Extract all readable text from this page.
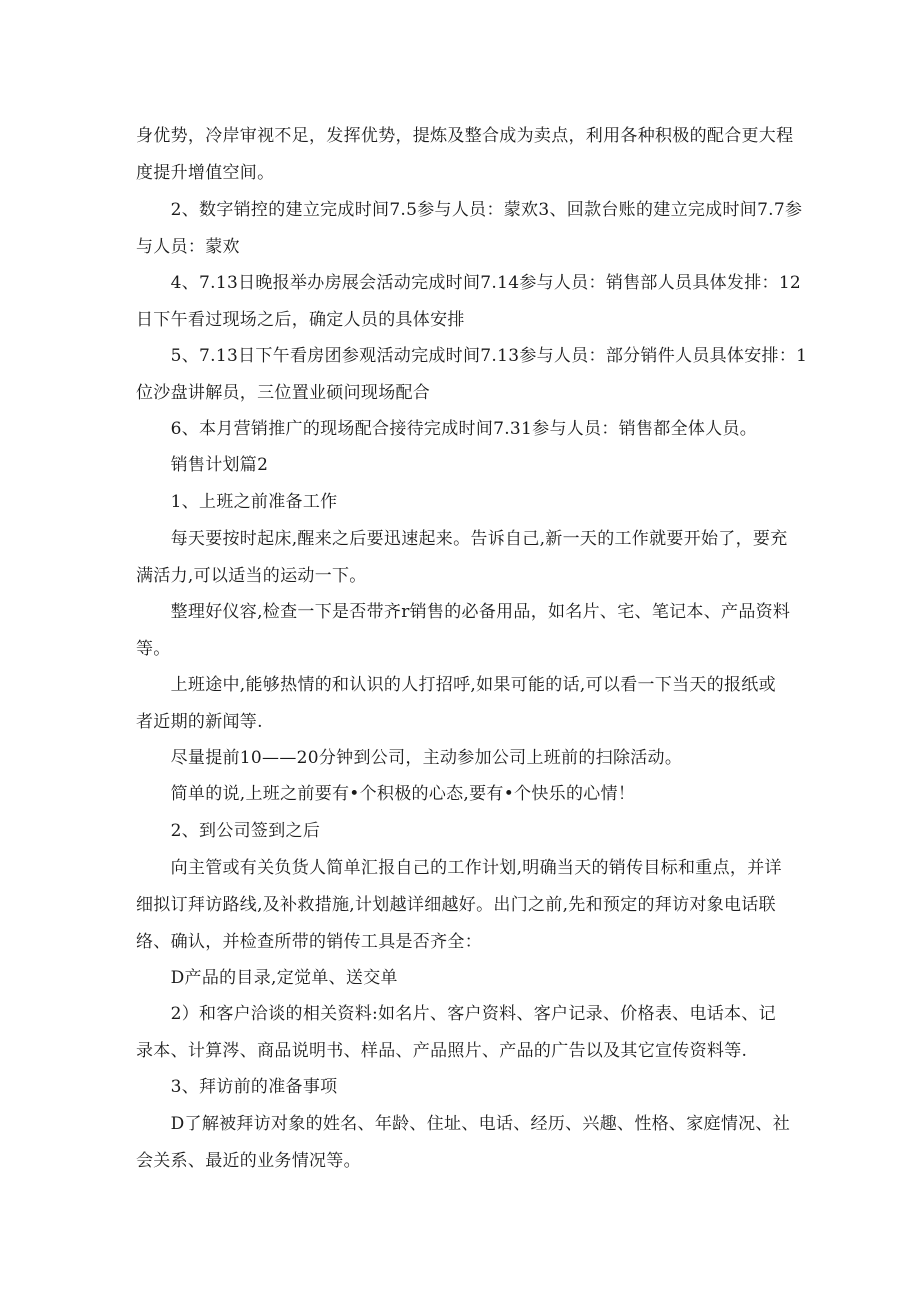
身优势，冷岸审视不足，发挥优势，提炼及整合成为卖点，利用各种积极的配合更大程
度提升增值空间。

　　2、数字销控的建立完成时间7.5参与人员：蒙欢3、回款台账的建立完成时间7.7参
与人员：蒙欢

　　4、7.13日晚报举办房展会活动完成时间7.14参与人员：销售部人员具体发排：12
日下午看过现场之后，确定人员的具体安排

　　5、7.13日下午看房团参观活动完成时间7.13参与人员：部分销件人员具体安排：1
位沙盘讲解员，三位置业硕问现场配合

　　6、本月营销推广的现场配合接待完成时间7.31参与人员：销售都全体人员。

　　销售计划篇2

　　1、上班之前准备工作

　　每天要按时起床,醒来之后要迅速起来。告诉自己,新一天的工作就要开始了，要充
满活力,可以适当的运动一下。

　　整理好仪容,检查一下是否带齐r销售的必备用品，如名片、宅、笔记本、产品资料
等。

　　上班途中,能够热情的和认识的人打招呼,如果可能的话,可以看一下当天的报纸或
者近期的新闻等.

　　尽量提前10——20分钟到公司，主动参加公司上班前的扫除活动。

　　简单的说,上班之前要有•个积极的心态,要有•个快乐的心情！

　　2、到公司签到之后

　　向主管或有关负货人简单汇报自己的工作计划,明确当天的销传目标和重点，并详
细拟订拜访路线,及补救措施,计划越详细越好。出门之前,先和预定的拜访对象电话联
络、确认，并检查所带的销传工具是否齐全：

　　D产品的目录,定觉单、送交单

　　2）和客户洽谈的相关资料:如名片、客户资料、客户记录、价格表、电话本、记
录本、计算涔、商品说明书、样品、产品照片、产品的广告以及其它宣传资料等.

　　3、拜访前的准备事项

　　D了解被拜访对象的姓名、年龄、住址、电话、经历、兴趣、性格、家庭情况、社
会关系、最近的业务情况等。
